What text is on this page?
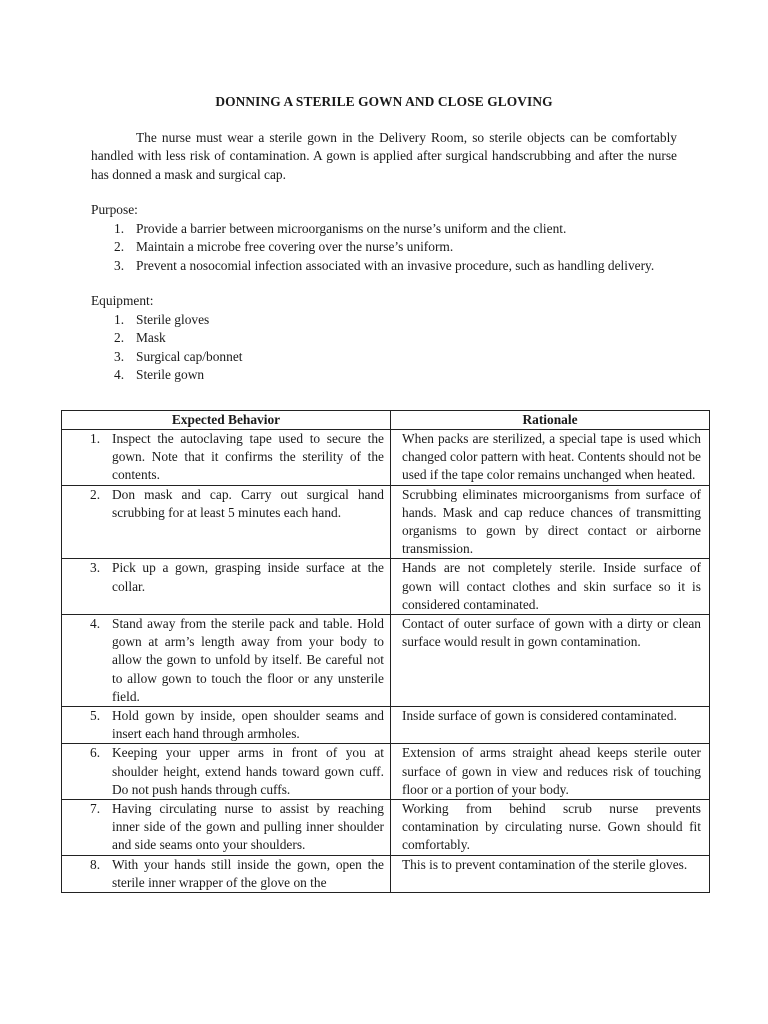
DONNING A STERILE GOWN AND CLOSE GLOVING

The nurse must wear a sterile gown in the Delivery Room, so sterile objects can be comfortably handled with less risk of contamination. A gown is applied after surgical handscrubbing and after the nurse has donned a mask and surgical cap.

Purpose:

1. Provide a barrier between microorganisms on the nurse’s uniform and the client.
2. Maintain a microbe free covering over the nurse’s uniform.
3. Prevent a nosocomial infection associated with an invasive procedure, such as handling delivery.

Equipment:

1. Sterile gloves
2. Mask
3. Surgical cap/bonnet
4. Sterile gown
Expected Behavior	Rationale

1. Inspect the autoclaving tape used to secure the gown. Note that it confirms the sterility of the contents.	When packs are sterilized, a special tape is used which changed color pattern with heat. Contents should not be used if the tape color remains unchanged when heated.

2. Don mask and cap. Carry out surgical hand scrubbing for at least 5 minutes each hand.	Scrubbing eliminates microorganisms from surface of hands. Mask and cap reduce chances of transmitting organisms to gown by direct contact or airborne transmission.

3. Pick up a gown, grasping inside surface at the collar.	Hands are not completely sterile. Inside surface of gown will contact clothes and skin surface so it is considered contaminated.

4. Stand away from the sterile pack and table. Hold gown at arm’s length away from your body to allow the gown to unfold by itself. Be careful not to allow gown to touch the floor or any unsterile field.	Contact of outer surface of gown with a dirty or clean surface would result in gown contamination.

5. Hold gown by inside, open shoulder seams and insert each hand through armholes.	Inside surface of gown is considered contaminated.

6. Keeping your upper arms in front of you at shoulder height, extend hands toward gown cuff. Do not push hands through cuffs.	Extension of arms straight ahead keeps sterile outer surface of gown in view and reduces risk of touching floor or a portion of your body.

7. Having circulating nurse to assist by reaching inner side of the gown and pulling inner shoulder and side seams onto your shoulders.	Working from behind scrub nurse prevents contamination by circulating nurse. Gown should fit comfortably.

8. With your hands still inside the gown, open the sterile inner wrapper of the glove on the	This is to prevent contamination of the sterile gloves.
